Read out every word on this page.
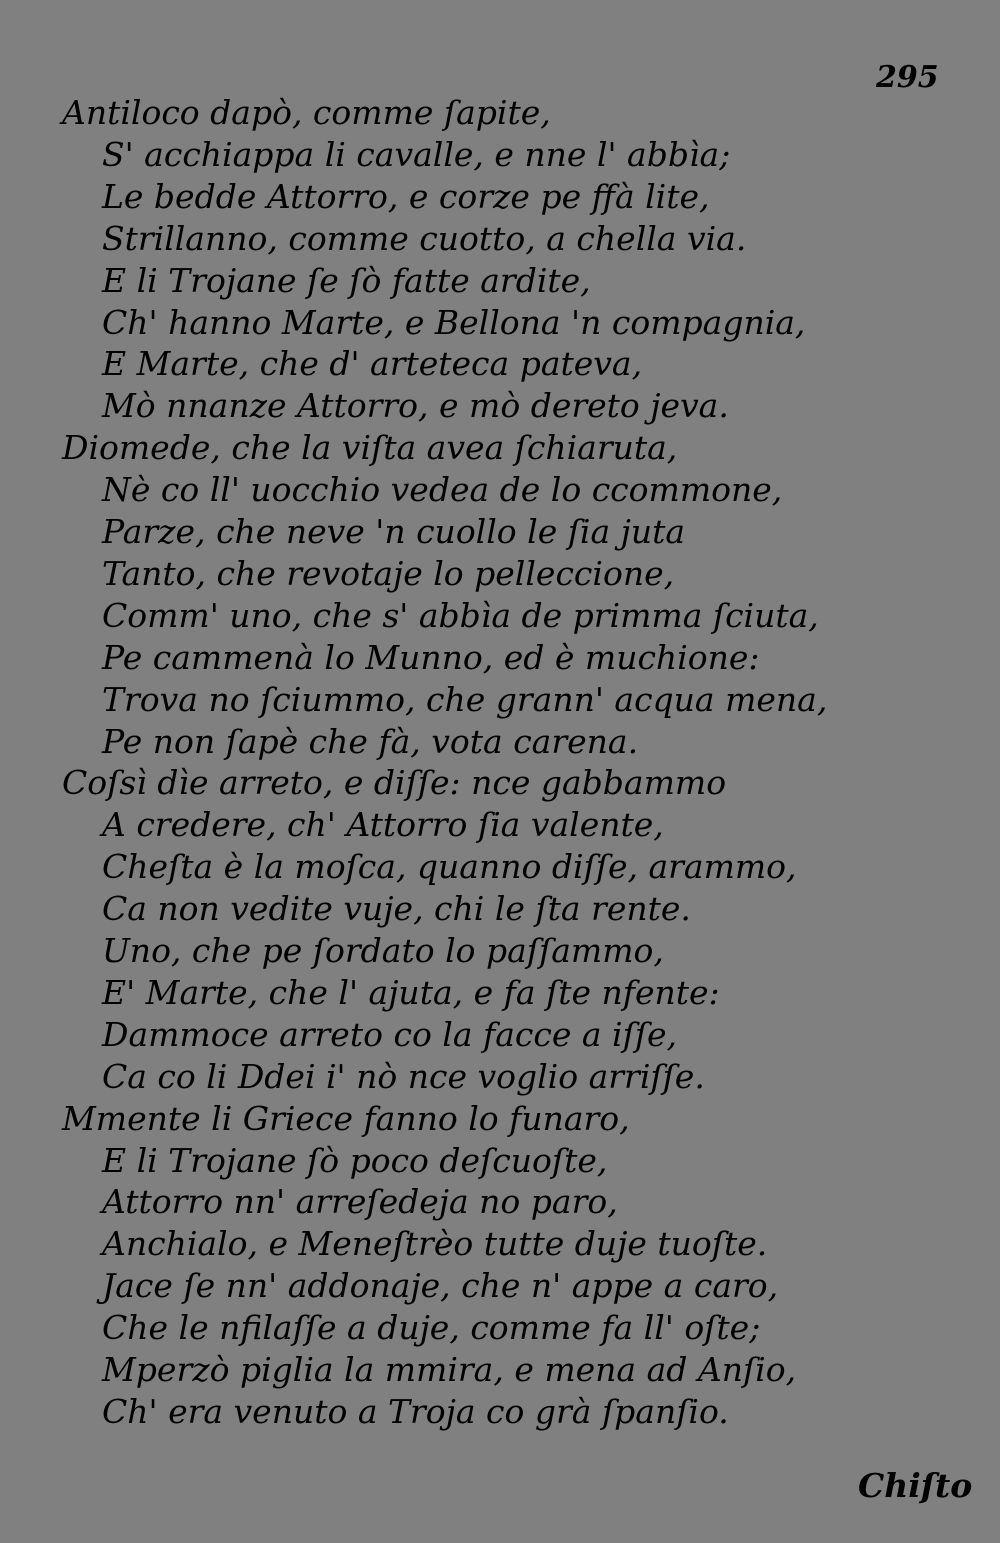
295
Antiloco dapò, comme ſapite,
S' acchiappa li cavalle, e nne l' abbìa;
Le bedde Attorro, e corze pe ffà lite,
Strillanno, comme cuotto, a chella via.
E li Trojane ſe ſò fatte ardite,
Ch' hanno Marte, e Bellona 'n compagnia,
E Marte, che d' arteteca pateva,
Mò nnanze Attorro, e mò dereto jeva.
Diomede, che la viſta avea ſchiaruta,
Nè co ll' uocchio vedea de lo ccommone,
Parze, che neve 'n cuollo le ſia juta
Tanto, che revotaje lo pelleccione,
Comm' uno, che s' abbìa de primma ſciuta,
Pe cammenà lo Munno, ed è muchione:
Trova no ſciummo, che grann' acqua mena,
Pe non ſapè che fà, vota carena.
Coſsì dìe arreto, e diſſe: nce gabbammo
A credere, ch' Attorro ſia valente,
Cheſta è la moſca, quanno diſſe, arammo,
Ca non vedite vuje, chi le ſta rente.
Uno, che pe ſordato lo paſſammo,
E' Marte, che l' ajuta, e fa ſte nfente:
Dammoce arreto co la facce a iſſe,
Ca co li Ddei i' nò nce voglio arriſſe.
Mmente li Griece fanno lo funaro,
E li Trojane ſò poco deſcuoſte,
Attorro nn' arreſedeja no paro,
Anchialo, e Meneſtrèo tutte duje tuoſte.
Jace ſe nn' addonaje, che n' appe a caro,
Che le nfilaſſe a duje, comme fa ll' oſte;
Mperzò piglia la mmira, e mena ad Anſio,
Ch' era venuto a Troja co grà ſpanſio.
Chiſto
